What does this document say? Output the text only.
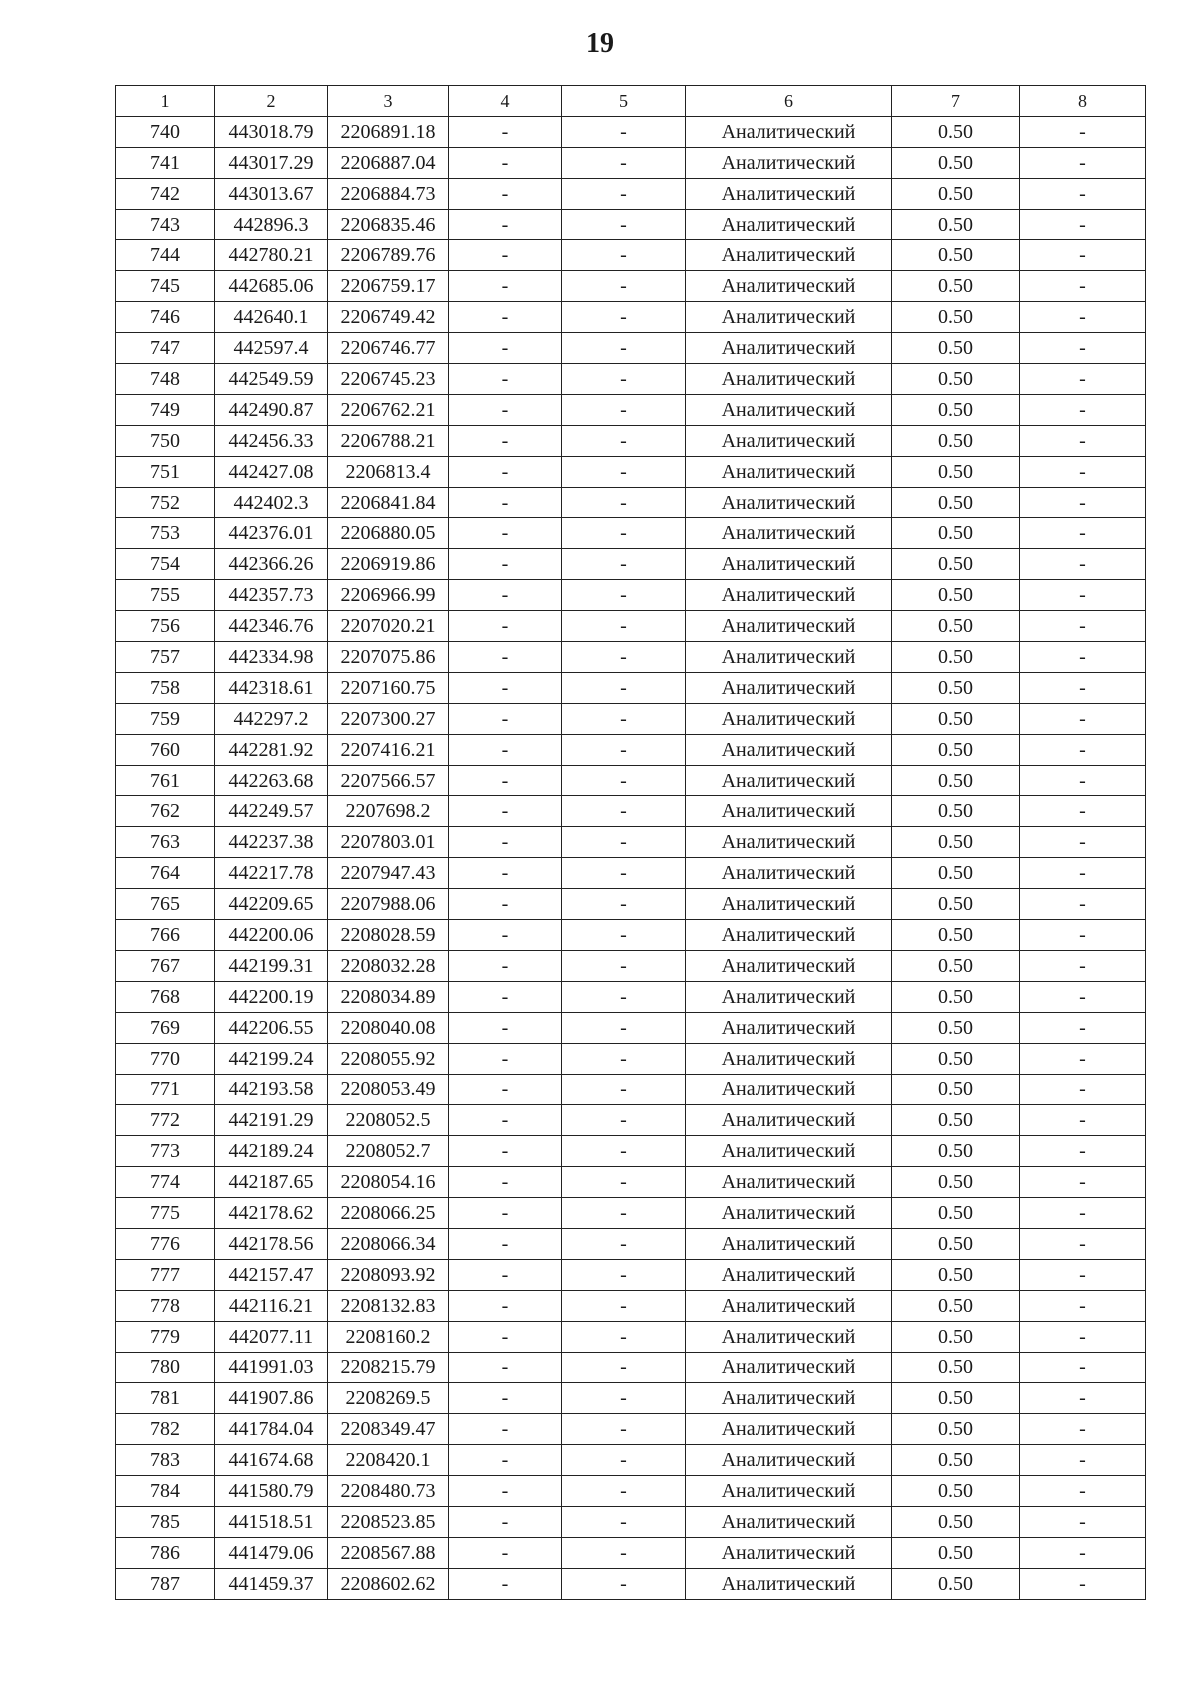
19
1	2	3	4	5	6	7	8
740	443018.79	2206891.18	-	-	Аналитический	0.50	-
741	443017.29	2206887.04	-	-	Аналитический	0.50	-
742	443013.67	2206884.73	-	-	Аналитический	0.50	-
743	442896.3	2206835.46	-	-	Аналитический	0.50	-
744	442780.21	2206789.76	-	-	Аналитический	0.50	-
745	442685.06	2206759.17	-	-	Аналитический	0.50	-
746	442640.1	2206749.42	-	-	Аналитический	0.50	-
747	442597.4	2206746.77	-	-	Аналитический	0.50	-
748	442549.59	2206745.23	-	-	Аналитический	0.50	-
749	442490.87	2206762.21	-	-	Аналитический	0.50	-
750	442456.33	2206788.21	-	-	Аналитический	0.50	-
751	442427.08	2206813.4	-	-	Аналитический	0.50	-
752	442402.3	2206841.84	-	-	Аналитический	0.50	-
753	442376.01	2206880.05	-	-	Аналитический	0.50	-
754	442366.26	2206919.86	-	-	Аналитический	0.50	-
755	442357.73	2206966.99	-	-	Аналитический	0.50	-
756	442346.76	2207020.21	-	-	Аналитический	0.50	-
757	442334.98	2207075.86	-	-	Аналитический	0.50	-
758	442318.61	2207160.75	-	-	Аналитический	0.50	-
759	442297.2	2207300.27	-	-	Аналитический	0.50	-
760	442281.92	2207416.21	-	-	Аналитический	0.50	-
761	442263.68	2207566.57	-	-	Аналитический	0.50	-
762	442249.57	2207698.2	-	-	Аналитический	0.50	-
763	442237.38	2207803.01	-	-	Аналитический	0.50	-
764	442217.78	2207947.43	-	-	Аналитический	0.50	-
765	442209.65	2207988.06	-	-	Аналитический	0.50	-
766	442200.06	2208028.59	-	-	Аналитический	0.50	-
767	442199.31	2208032.28	-	-	Аналитический	0.50	-
768	442200.19	2208034.89	-	-	Аналитический	0.50	-
769	442206.55	2208040.08	-	-	Аналитический	0.50	-
770	442199.24	2208055.92	-	-	Аналитический	0.50	-
771	442193.58	2208053.49	-	-	Аналитический	0.50	-
772	442191.29	2208052.5	-	-	Аналитический	0.50	-
773	442189.24	2208052.7	-	-	Аналитический	0.50	-
774	442187.65	2208054.16	-	-	Аналитический	0.50	-
775	442178.62	2208066.25	-	-	Аналитический	0.50	-
776	442178.56	2208066.34	-	-	Аналитический	0.50	-
777	442157.47	2208093.92	-	-	Аналитический	0.50	-
778	442116.21	2208132.83	-	-	Аналитический	0.50	-
779	442077.11	2208160.2	-	-	Аналитический	0.50	-
780	441991.03	2208215.79	-	-	Аналитический	0.50	-
781	441907.86	2208269.5	-	-	Аналитический	0.50	-
782	441784.04	2208349.47	-	-	Аналитический	0.50	-
783	441674.68	2208420.1	-	-	Аналитический	0.50	-
784	441580.79	2208480.73	-	-	Аналитический	0.50	-
785	441518.51	2208523.85	-	-	Аналитический	0.50	-
786	441479.06	2208567.88	-	-	Аналитический	0.50	-
787	441459.37	2208602.62	-	-	Аналитический	0.50	-
